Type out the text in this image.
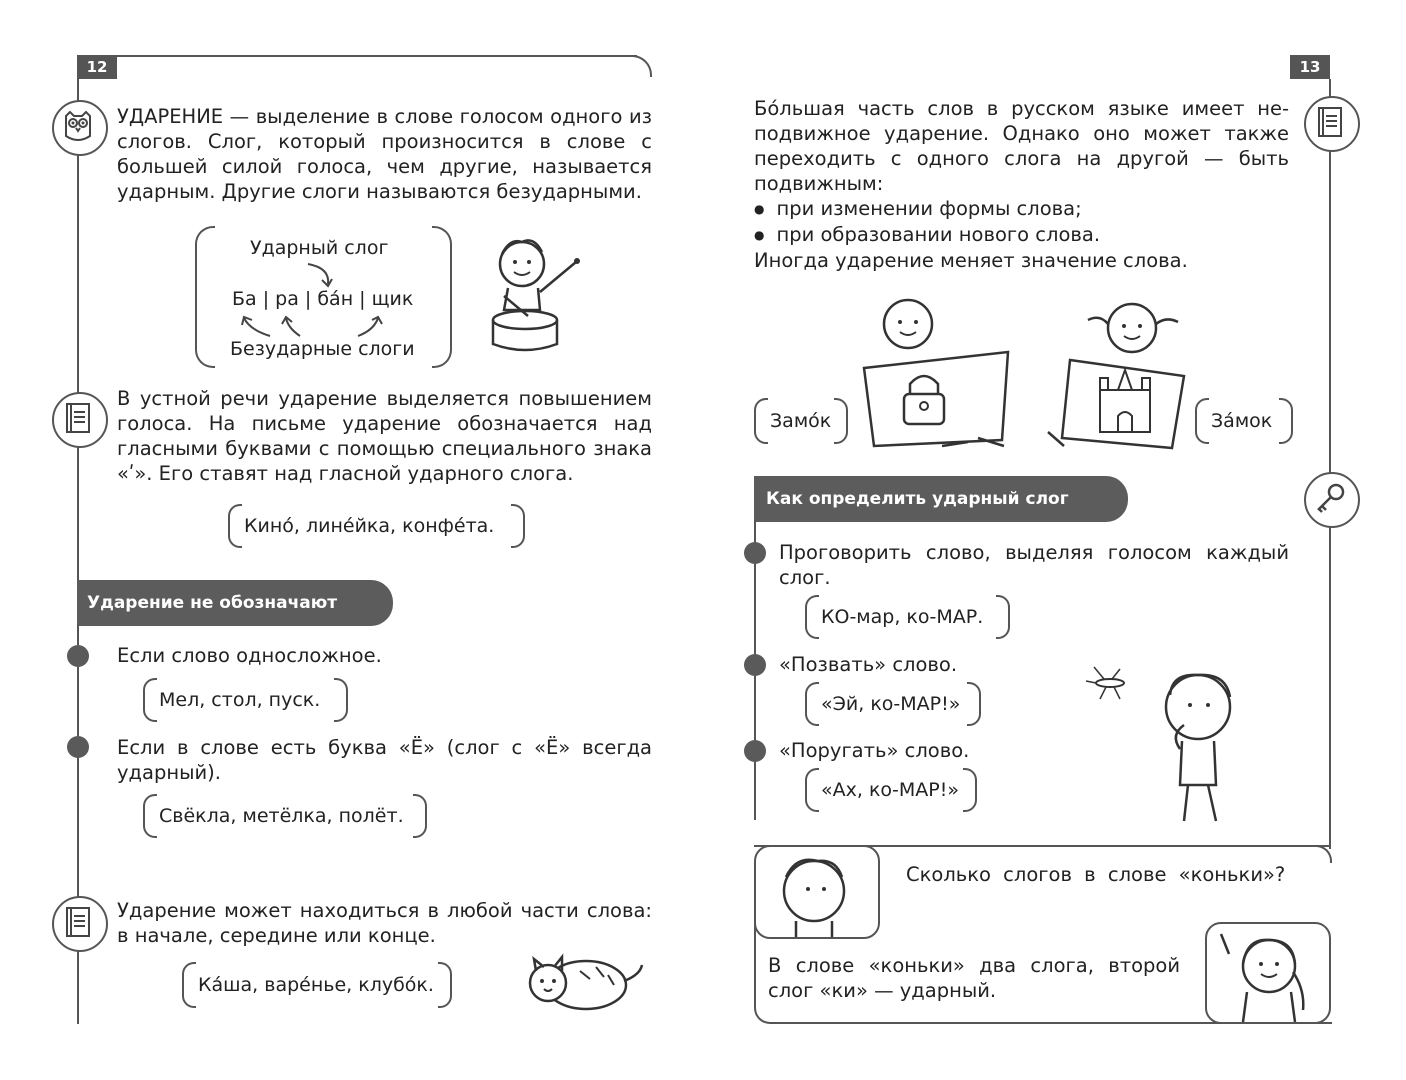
12
УДАРЕНИЕ — выделение в слове голосом одного из слогов. Слог, который произносится в слове с большей силой голоса, чем другие, называется ударным. Другие слоги называются безударными.
Ударный слог
Ба | ра | ба́н | щик
Безударные слоги
В устной речи ударение выделяется повышением голоса. На письме ударение обозначается над гласными буквами с помощью специального знака «ʹ». Его ставят над гласной ударного слога.
Кино́, лине́йка, конфе́та.
Ударение не обозначают
Если слово односложное.
Мел, стол, пуск.
Если в слове есть буква «Ё» (слог с «Ё» всегда ударный).
Свёкла, метёлка, полёт.
Ударение может находиться в любой части слова: в начале, середине или конце.
Ка́ша, варе́нье, клубо́к.
13
Бо́льшая часть слов в русском языке имеет не-
подвижное ударение. Однако оно может также
переходить с одного слога на другой — быть
подвижным:
● при изменении формы слова;
● при образовании нового слова.
Иногда ударение меняет значение слова.
Замо́к	За́мок
Как определить ударный слог
Проговорить слово, выделяя голосом каждый слог.
КО-мар, ко-МАР.
«Позвать» слово.
«Эй, ко-МАР!»
«Поругать» слово.
«Ах, ко-МАР!»
Сколько слогов в слове «коньки»?
В слове «коньки» два слога, второй слог «ки» — ударный.
